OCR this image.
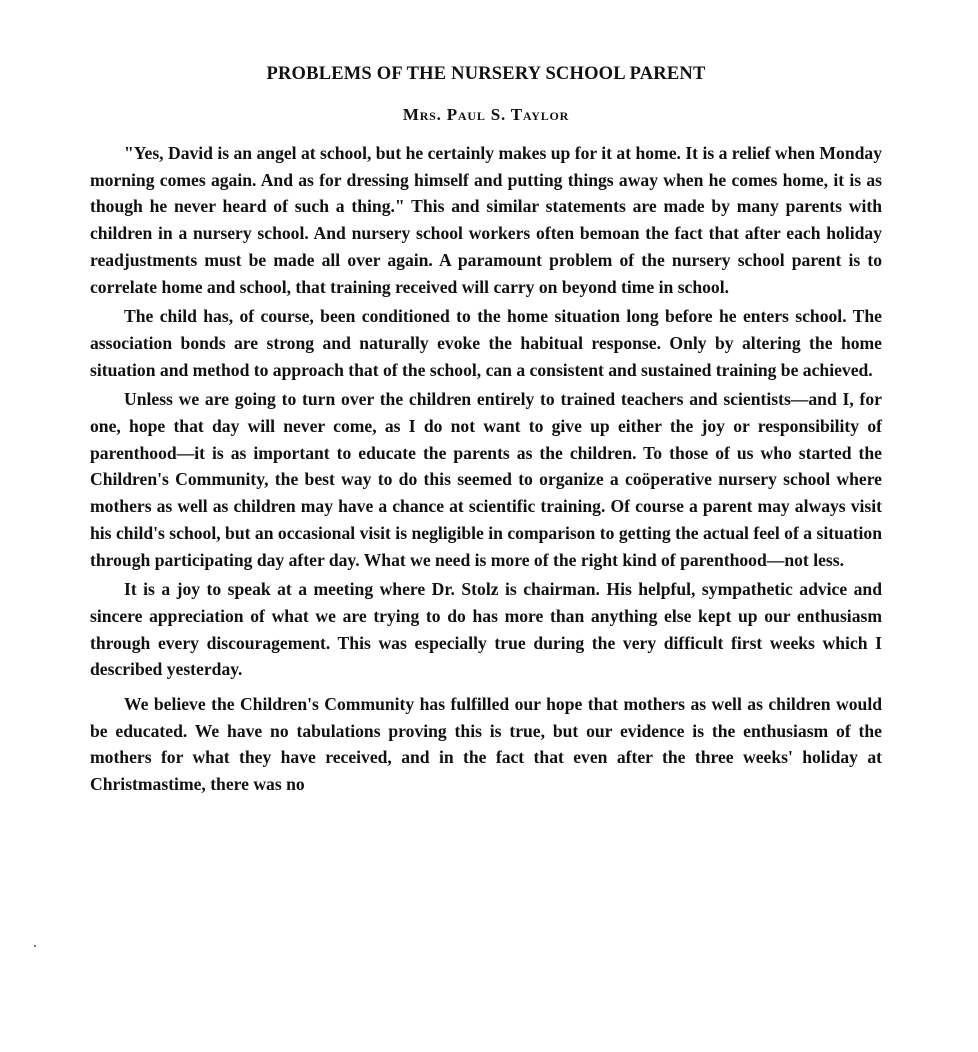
PROBLEMS OF THE NURSERY SCHOOL PARENT
Mrs. Paul S. Taylor

"Yes, David is an angel at school, but he certainly makes up for it at home. It is a relief when Monday morning comes again. And as for dressing himself and putting things away when he comes home, it is as though he never heard of such a thing." This and similar statements are made by many parents with children in a nursery school. And nursery school workers often bemoan the fact that after each holiday readjustments must be made all over again. A paramount problem of the nursery school parent is to correlate home and school, that training received will carry on beyond time in school.

The child has, of course, been conditioned to the home situation long before he enters school. The association bonds are strong and naturally evoke the habitual response. Only by altering the home situation and method to approach that of the school, can a consistent and sustained training be achieved.

Unless we are going to turn over the children entirely to trained teachers and scientists—and I, for one, hope that day will never come, as I do not want to give up either the joy or responsibility of parenthood—it is as important to educate the parents as the children. To those of us who started the Children's Community, the best way to do this seemed to organize a coöperative nursery school where mothers as well as children may have a chance at scientific training. Of course a parent may always visit his child's school, but an occasional visit is negligible in comparison to getting the actual feel of a situation through participating day after day. What we need is more of the right kind of parenthood—not less.

It is a joy to speak at a meeting where Dr. Stolz is chairman. His helpful, sympathetic advice and sincere appreciation of what we are trying to do has more than anything else kept up our enthusiasm through every discouragement. This was especially true during the very difficult first weeks which I described yesterday.

We believe the Children's Community has fulfilled our hope that mothers as well as children would be educated. We have no tabulations proving this is true, but our evidence is the enthusiasm of the mothers for what they have received, and in the fact that even after the three weeks' holiday at Christmastime, there was no
